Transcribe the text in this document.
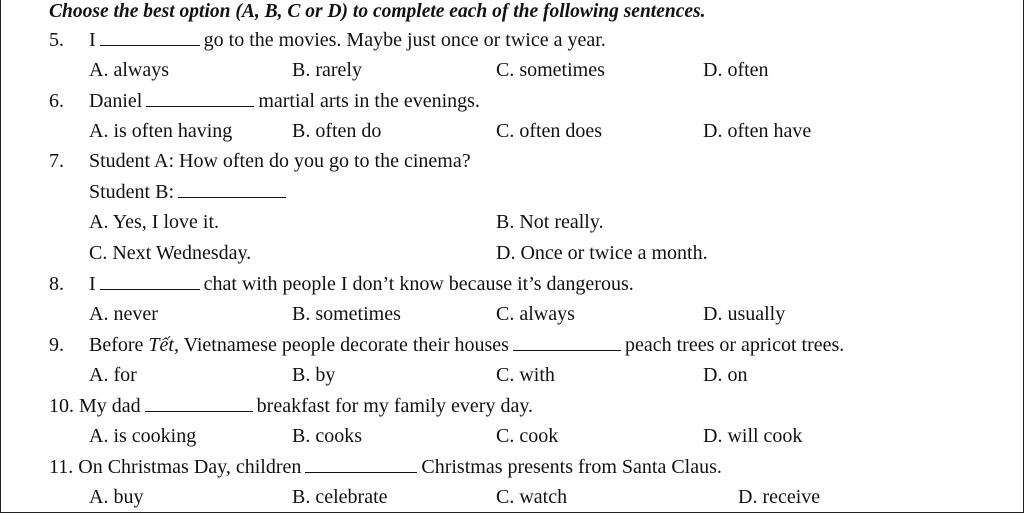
Choose the best option (A, B, C or D) to complete each of the following sentences.
5. I	go to the movies. Maybe just once or twice a year.
A. always	B. rarely	C. sometimes	D. often
6. Daniel	martial arts in the evenings.
A. is often having	B. often do	C. often does	D. often have
7. Student A: How often do you go to the cinema?
Student B:
A. Yes, I love it.	B. Not really.
C. Next Wednesday.	D. Once or twice a month.
8. I	chat with people I don’t know because it’s dangerous.
A. never	B. sometimes	C. always	D. usually
9. Before Tết, Vietnamese people decorate their houses	peach trees or apricot trees.
A. for	B. by	C. with	D. on
10. My dad	breakfast for my family every day.
A. is cooking	B. cooks	C. cook	D. will cook
11. On Christmas Day, children	Christmas presents from Santa Claus.
A. buy	B. celebrate	C. watch	D. receive
